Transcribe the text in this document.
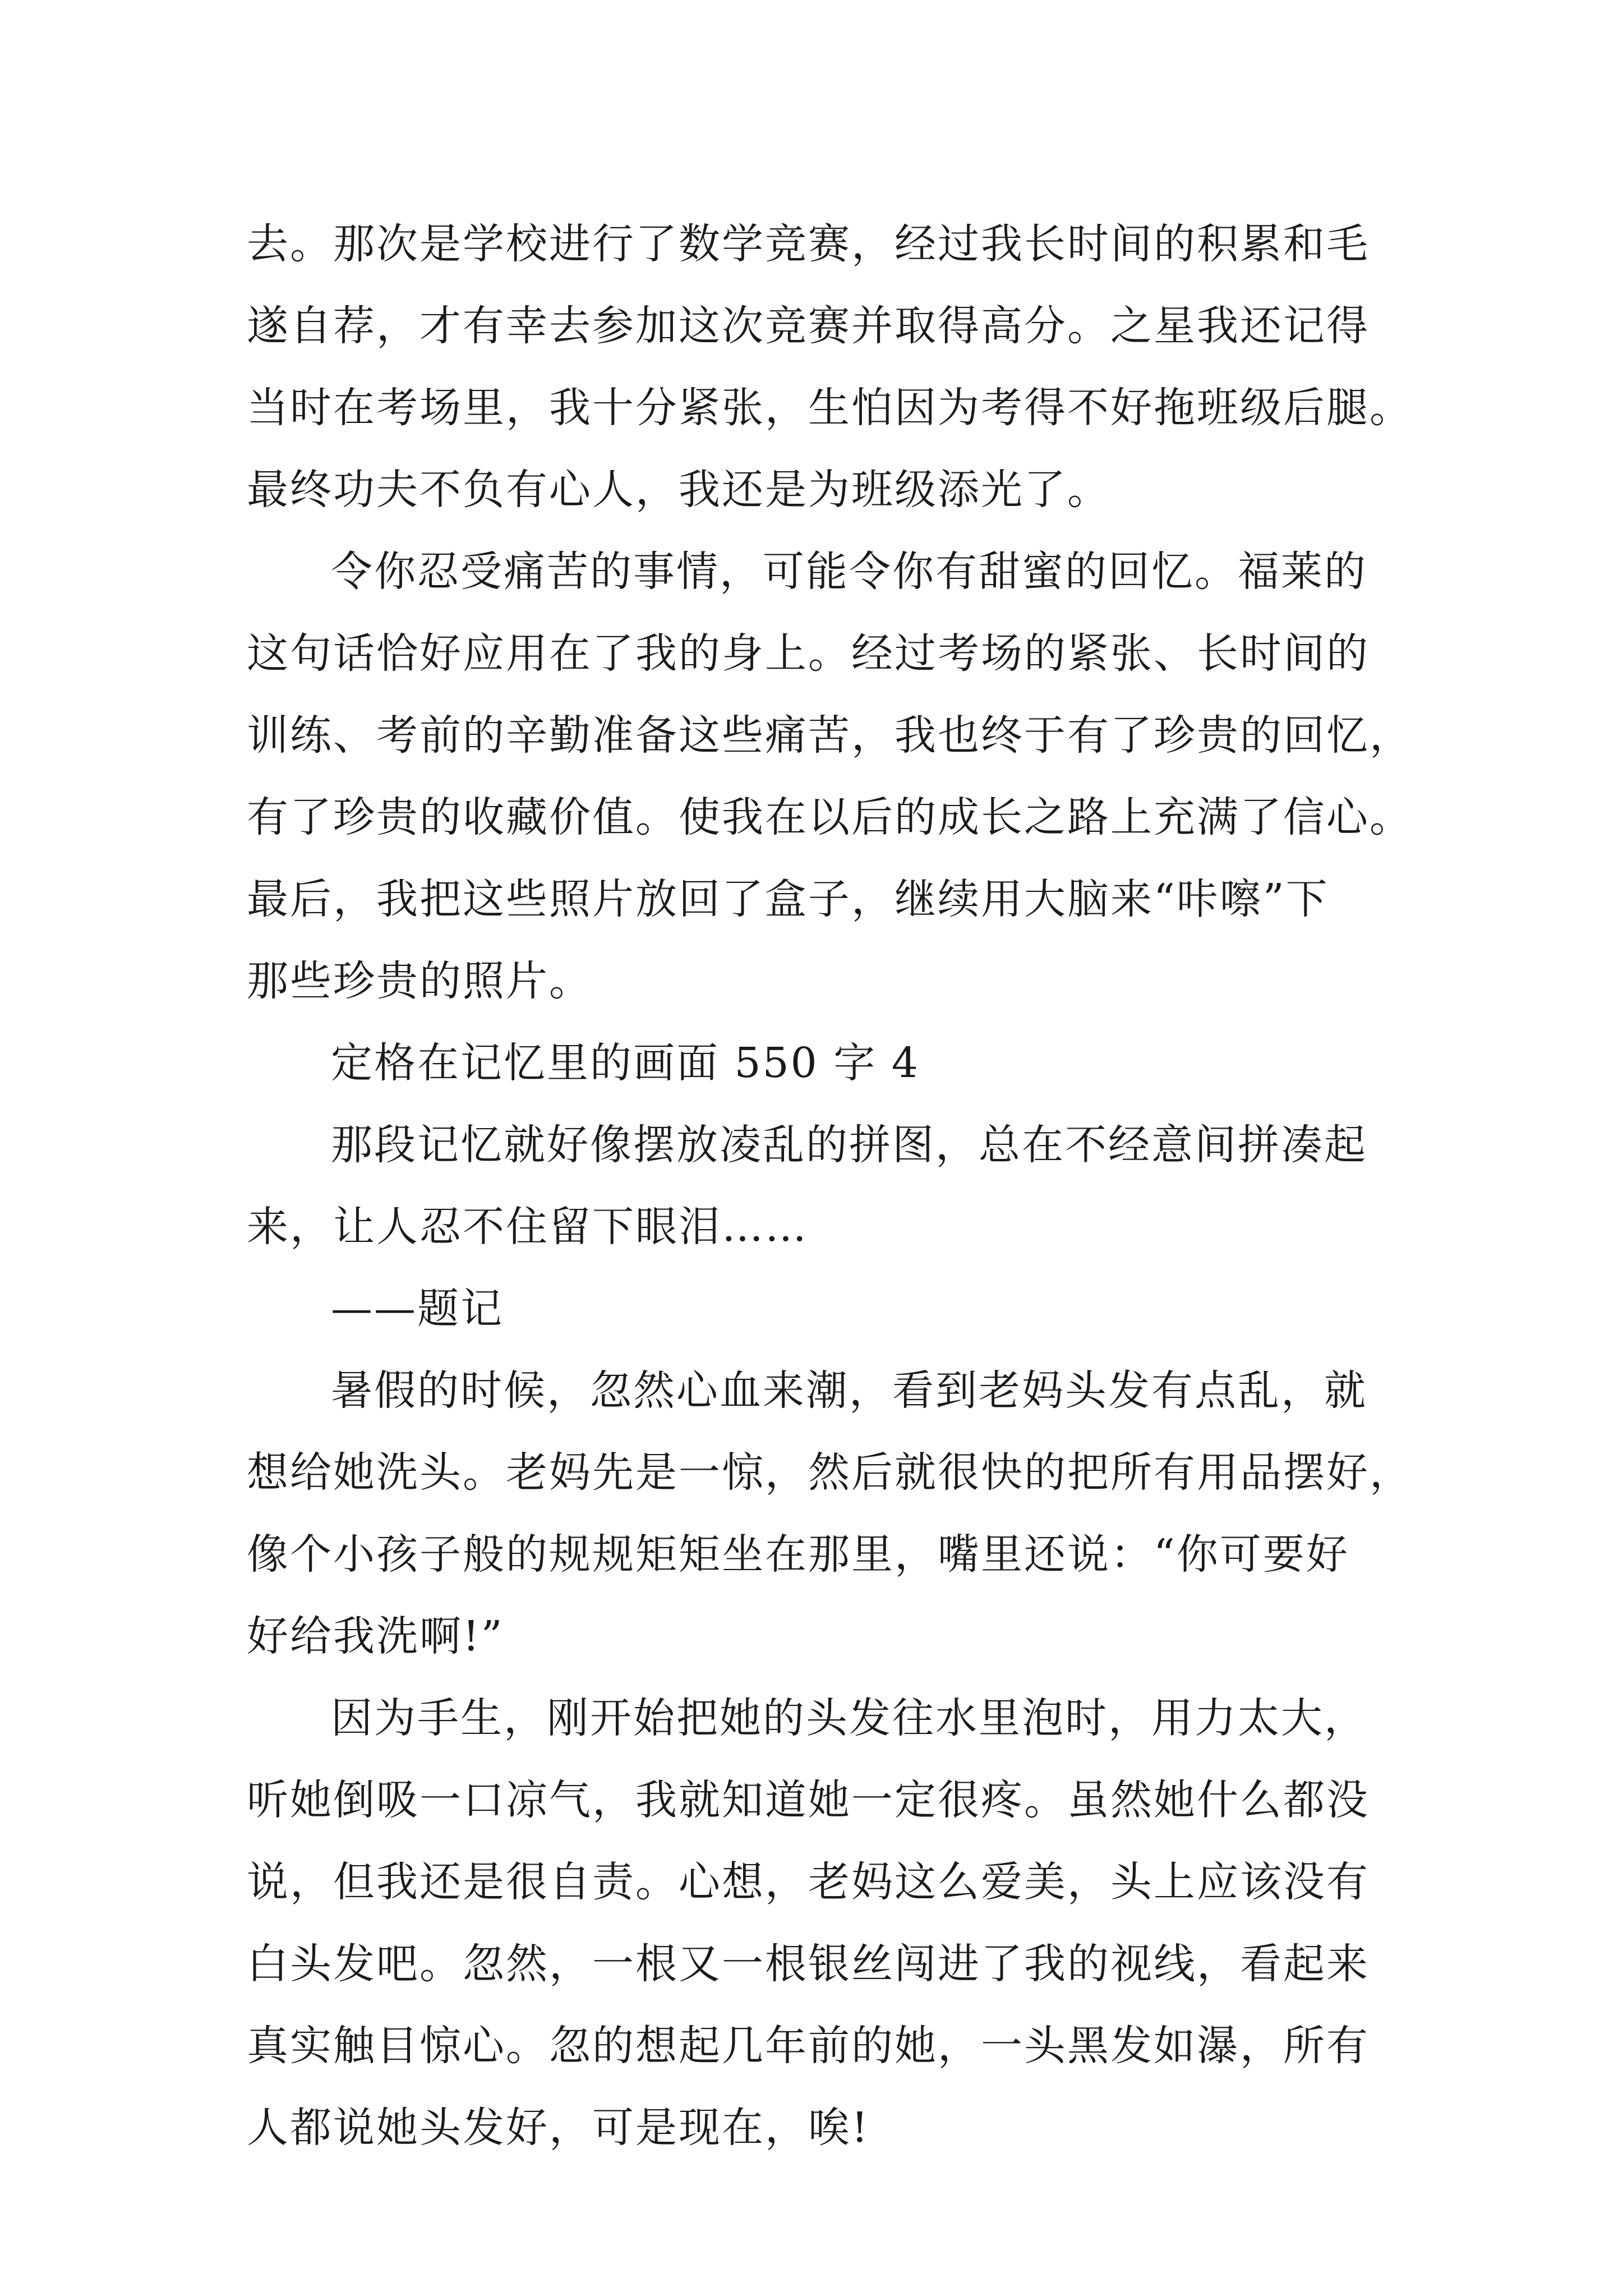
去。那次是学校进行了数学竞赛，经过我长时间的积累和毛
遂自荐，才有幸去参加这次竞赛并取得高分。之星我还记得
当时在考场里，我十分紧张，生怕因为考得不好拖班级后腿。
最终功夫不负有心人，我还是为班级添光了。
令你忍受痛苦的事情，可能令你有甜蜜的回忆。福莱的
这句话恰好应用在了我的身上。经过考场的紧张、长时间的
训练、考前的辛勤准备这些痛苦，我也终于有了珍贵的回忆，
有了珍贵的收藏价值。使我在以后的成长之路上充满了信心。
最后，我把这些照片放回了盒子，继续用大脑来“咔嚓”下
那些珍贵的照片。
定格在记忆里的画面 550 字 4
那段记忆就好像摆放凌乱的拼图，总在不经意间拼凑起
来，让人忍不住留下眼泪……
——题记
暑假的时候，忽然心血来潮，看到老妈头发有点乱，就
想给她洗头。老妈先是一惊，然后就很快的把所有用品摆好，
像个小孩子般的规规矩矩坐在那里，嘴里还说：“你可要好
好给我洗啊!”
因为手生，刚开始把她的头发往水里泡时，用力太大，
听她倒吸一口凉气，我就知道她一定很疼。虽然她什么都没
说，但我还是很自责。心想，老妈这么爱美，头上应该没有
白头发吧。忽然，一根又一根银丝闯进了我的视线，看起来
真实触目惊心。忽的想起几年前的她，一头黑发如瀑，所有
人都说她头发好，可是现在，唉!
